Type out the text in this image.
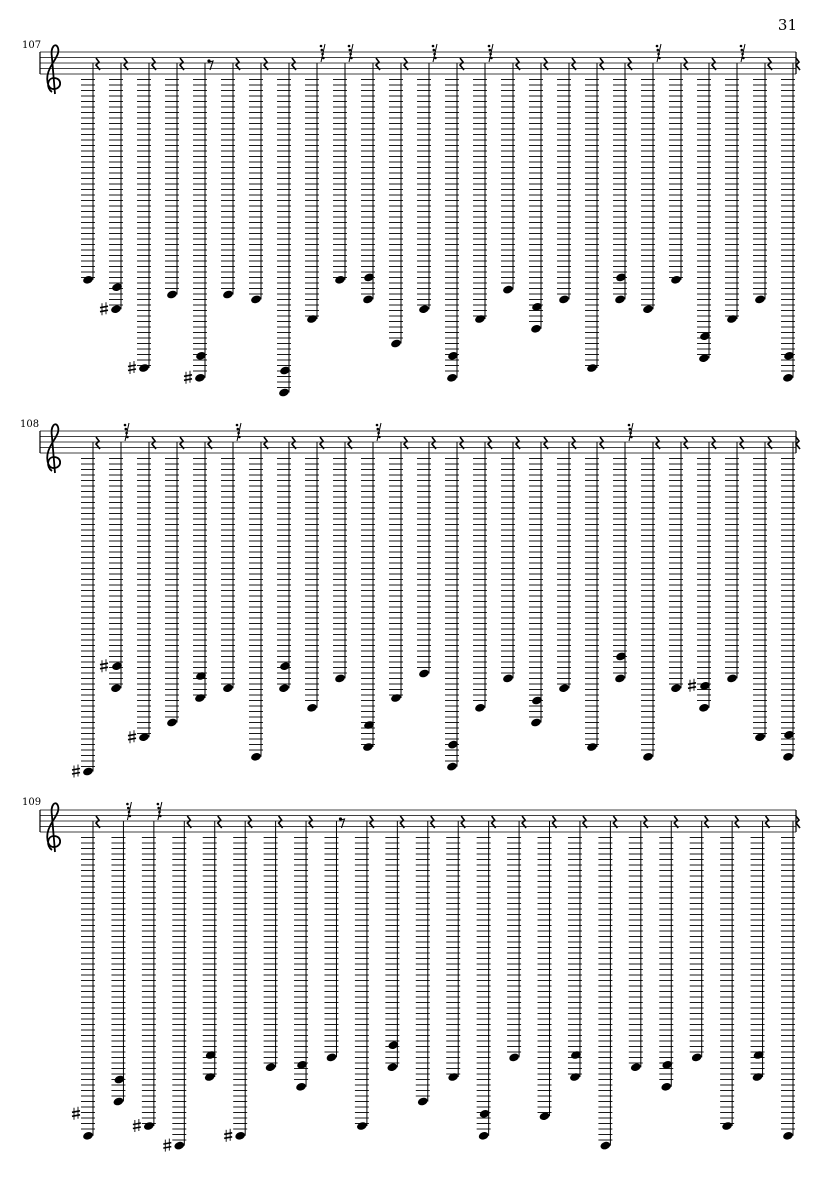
31
107
108
109
